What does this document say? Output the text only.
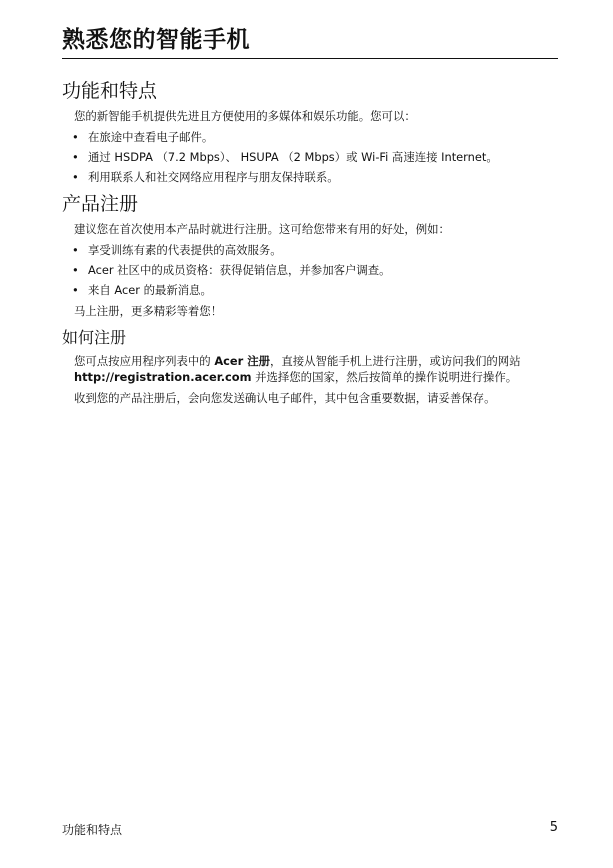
熟悉您的智能手机
功能和特点

您的新智能手机提供先进且方便使用的多媒体和娱乐功能。您可以：

• 在旅途中查看电子邮件。
• 通过 HSDPA （7.2 Mbps）、 HSUPA （2 Mbps）或 Wi-Fi 高速连接 Internet。
• 利用联系人和社交网络应用程序与朋友保持联系。
产品注册

建议您在首次使用本产品时就进行注册。这可给您带来有用的好处，例如：

• 享受训练有素的代表提供的高效服务。
• Acer 社区中的成员资格：获得促销信息，并参加客户调查。
• 来自 Acer 的最新消息。

马上注册，更多精彩等着您！

如何注册

您可点按应用程序列表中的 Acer 注册，直接从智能手机上进行注册，或访问我们的网站 http://registration.acer.com 并选择您的国家，然后按简单的操作说明进行操作。

收到您的产品注册后，会向您发送确认电子邮件，其中包含重要数据，请妥善保存。

功能和特点	5
